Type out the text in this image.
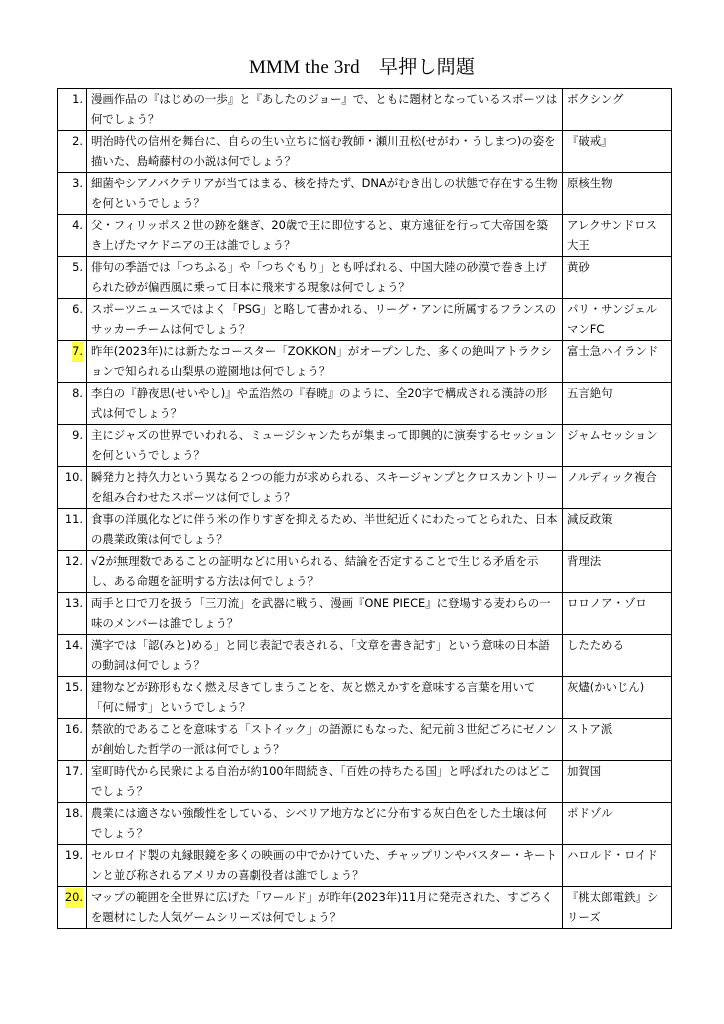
MMM the 3rd　早押し問題
1.	漫画作品の『はじめの一歩』と『あしたのジョー』で、ともに題材となっているスポーツは何でしょう？	ボクシング
2.	明治時代の信州を舞台に、自らの生い立ちに悩む教師・瀬川丑松(せがわ・うしまつ)の姿を描いた、島崎藤村の小説は何でしょう？	『破戒』
3.	細菌やシアノバクテリアが当てはまる、核を持たず、DNAがむき出しの状態で存在する生物を何というでしょう？	原核生物
4.	父・フィリッポス２世の跡を継ぎ、20歳で王に即位すると、東方遠征を行って大帝国を築き上げたマケドニアの王は誰でしょう？	アレクサンドロス大王
5.	俳句の季語では「つちふる」や「つちぐもり」とも呼ばれる、中国大陸の砂漠で巻き上げられた砂が偏西風に乗って日本に飛来する現象は何でしょう？	黄砂
6.	スポーツニュースではよく「PSG」と略して書かれる、リーグ・アンに所属するフランスのサッカーチームは何でしょう？	パリ・サンジェルマンFC
7.	昨年(2023年)には新たなコースター「ZOKKON」がオープンした、多くの絶叫アトラクションで知られる山梨県の遊園地は何でしょう？	富士急ハイランド
8.	李白の『静夜思(せいやし)』や孟浩然の『春暁』のように、全20字で構成される漢詩の形式は何でしょう？	五言絶句
9.	主にジャズの世界でいわれる、ミュージシャンたちが集まって即興的に演奏するセッションを何というでしょう？	ジャムセッション
10.	瞬発力と持久力という異なる２つの能力が求められる、スキージャンプとクロスカントリーを組み合わせたスポーツは何でしょう？	ノルディック複合
11.	食事の洋風化などに伴う米の作りすぎを抑えるため、半世紀近くにわたってとられた、日本の農業政策は何でしょう？	減反政策
12.	√2が無理数であることの証明などに用いられる、結論を否定することで生じる矛盾を示し、ある命題を証明する方法は何でしょう？	背理法
13.	両手と口で刀を扱う「三刀流」を武器に戦う、漫画『ONE PIECE』に登場する麦わらの一味のメンバーは誰でしょう？	ロロノア・ゾロ
14.	漢字では「認(みと)める」と同じ表記で表される、「文章を書き記す」という意味の日本語の動詞は何でしょう？	したためる
15.	建物などが跡形もなく燃え尽きてしまうことを、灰と燃えかすを意味する言葉を用いて「何に帰す」というでしょう？	灰燼(かいじん)
16.	禁欲的であることを意味する「ストイック」の語源にもなった、紀元前３世紀ごろにゼノンが創始した哲学の一派は何でしょう？	ストア派
17.	室町時代から民衆による自治が約100年間続き、「百姓の持ちたる国」と呼ばれたのはどこでしょう？	加賀国
18.	農業には適さない強酸性をしている、シベリア地方などに分布する灰白色をした土壌は何でしょう？	ポドゾル
19.	セルロイド製の丸縁眼鏡を多くの映画の中でかけていた、チャップリンやバスター・キートンと並び称されるアメリカの喜劇役者は誰でしょう？	ハロルド・ロイド
20.	マップの範囲を全世界に広げた「ワールド」が昨年(2023年)11月に発売された、すごろくを題材にした人気ゲームシリーズは何でしょう？	『桃太郎電鉄』シリーズ
